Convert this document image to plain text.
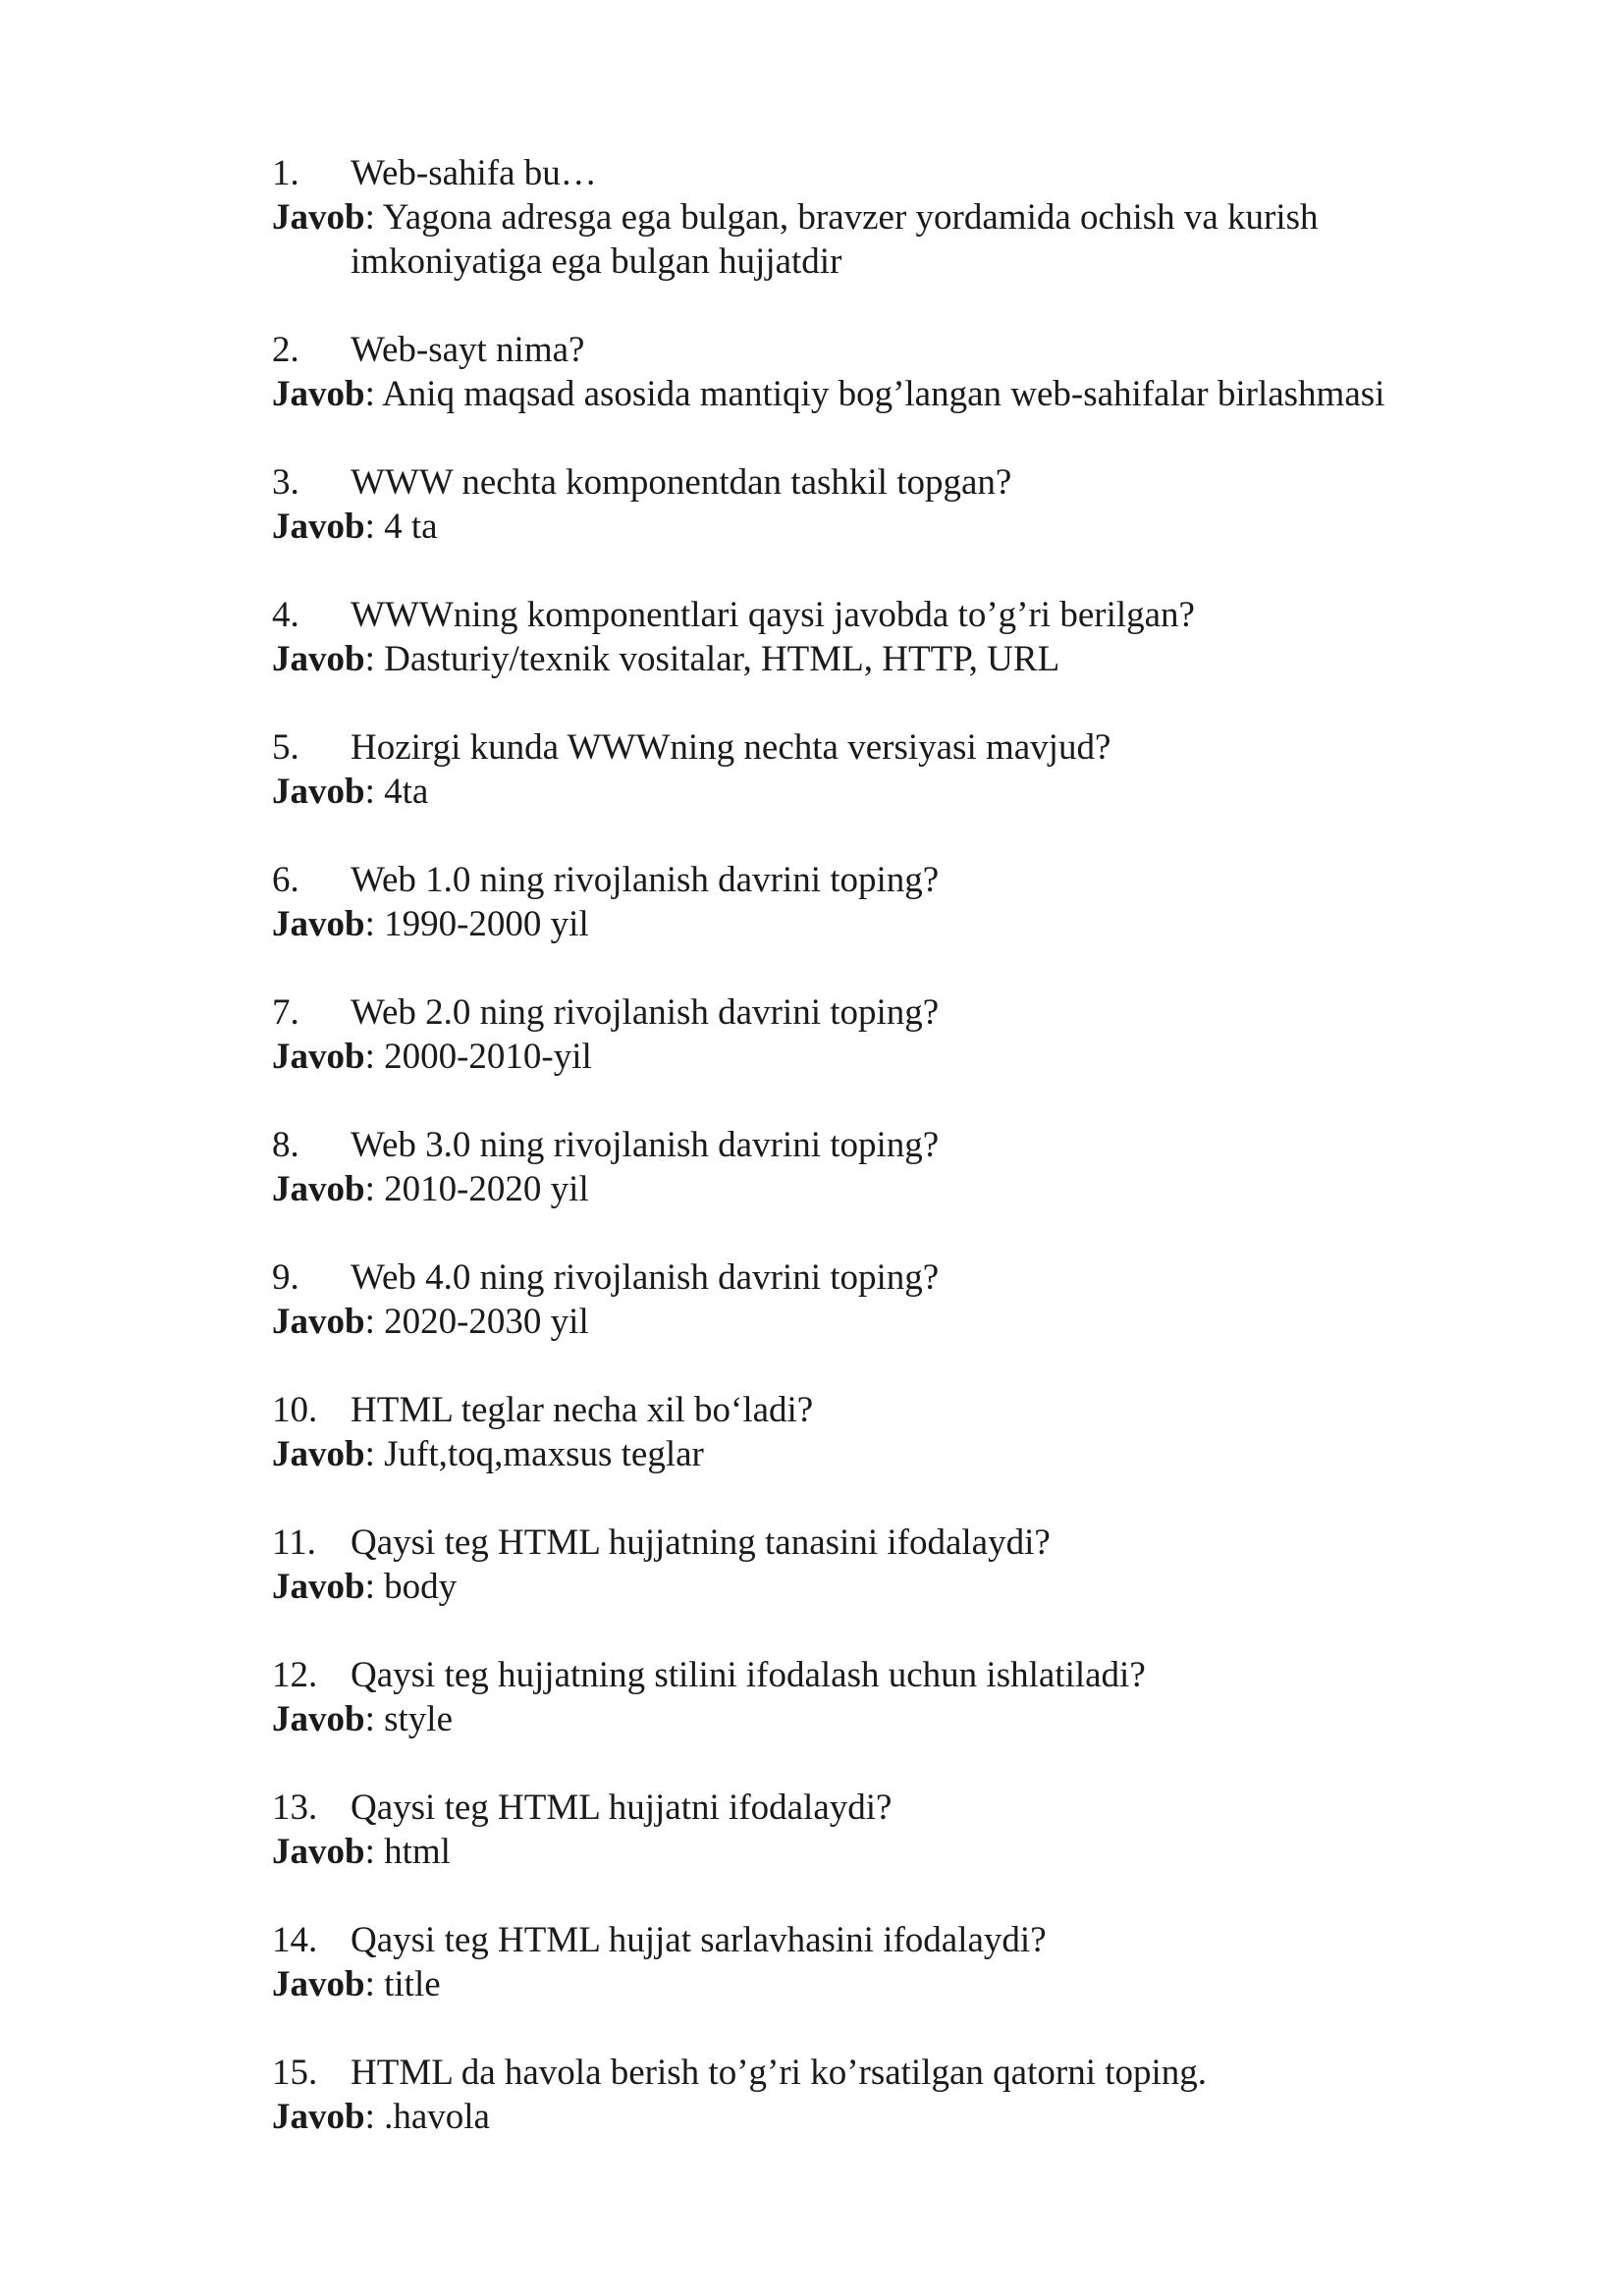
1.	Web-sahifa bu…
Javob: Yagona adresga ega bulgan, bravzer yordamida ochish va kurish imkoniyatiga ega bulgan hujjatdir
2.	Web-sayt nima?
Javob: Aniq maqsad asosida mantiqiy bog’langan web-sahifalar birlashmasi
3.	WWW nechta komponentdan tashkil topgan?
Javob: 4 ta
4.	WWWning komponentlari qaysi javobda to’g’ri berilgan?
Javob: Dasturiy/texnik vositalar, HTML, HTTP, URL
5.	Hozirgi kunda WWWning nechta versiyasi mavjud?
Javob: 4ta
6.	Web 1.0 ning rivojlanish davrini toping?
Javob: 1990-2000 yil
7.	Web 2.0 ning rivojlanish davrini toping?
Javob: 2000-2010-yil
8.	Web 3.0 ning rivojlanish davrini toping?
Javob: 2010-2020 yil
9.	Web 4.0 ning rivojlanish davrini toping?
Javob: 2020-2030 yil
10. HTML teglar necha xil bo‘ladi?
Javob: Juft,toq,maxsus teglar
11. Qaysi teg HTML hujjatning tanasini ifodalaydi?
Javob: body
12. Qaysi teg hujjatning stilini ifodalash uchun ishlatiladi?
Javob: style
13. Qaysi teg HTML hujjatni ifodalaydi?
Javob: html
14. Qaysi teg HTML hujjat sarlavhasini ifodalaydi?
Javob: title
15. HTML da havola berish to’g’ri ko’rsatilgan qatorni toping.
Javob: .havola
